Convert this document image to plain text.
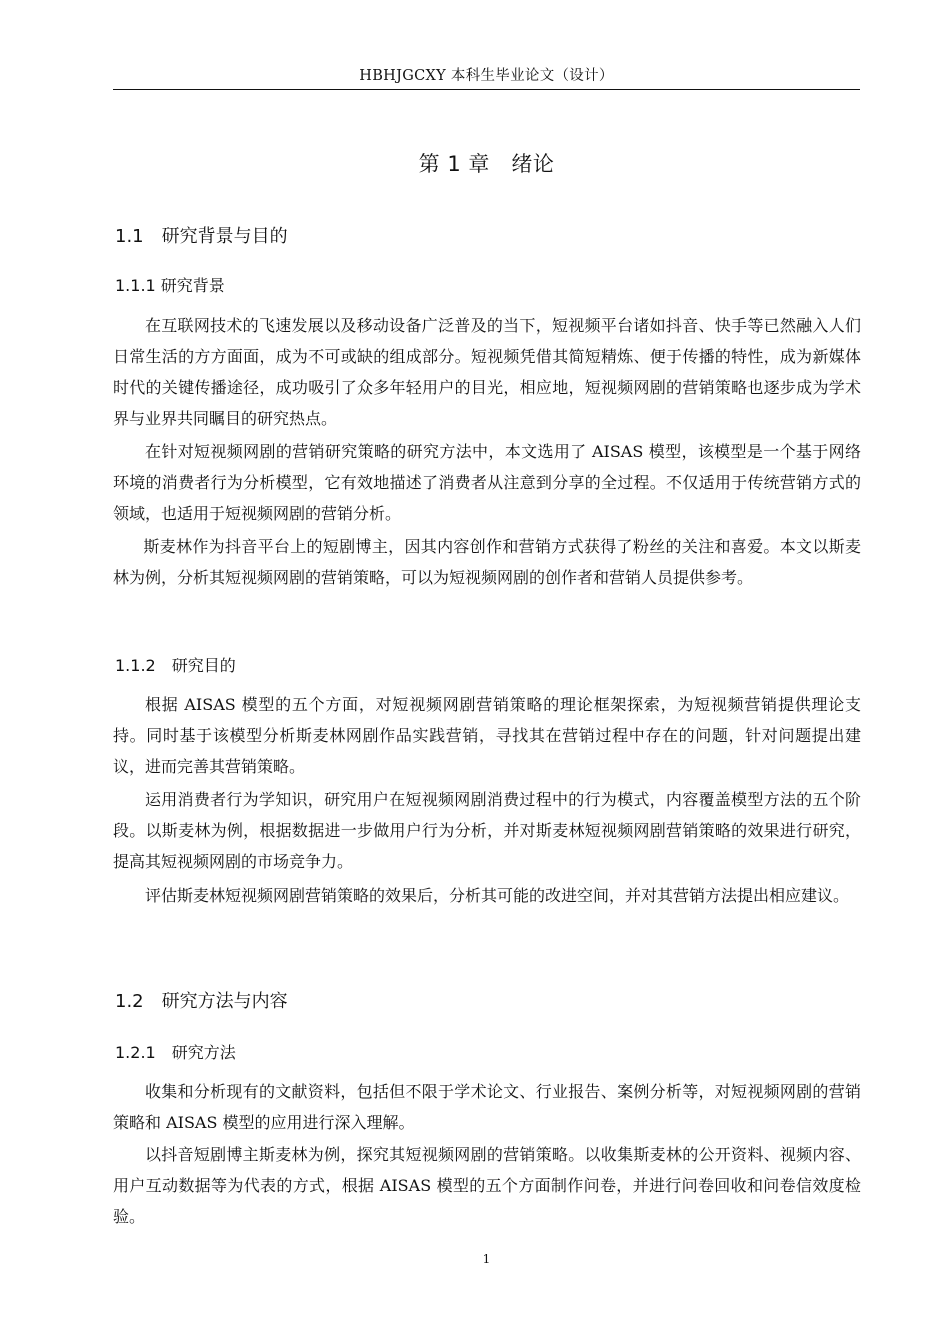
HBHJGCXY 本科生毕业论文（设计）
第 1 章　绪论
1.1　研究背景与目的
1.1.1 研究背景

在互联网技术的飞速发展以及移动设备广泛普及的当下，短视频平台诸如抖音、快手等已然融入人们日常生活的方方面面，成为不可或缺的组成部分。短视频凭借其简短精炼、便于传播的特性，成为新媒体时代的关键传播途径，成功吸引了众多年轻用户的目光，相应地，短视频网剧的营销策略也逐步成为学术界与业界共同瞩目的研究热点。

在针对短视频网剧的营销研究策略的研究方法中，本文选用了 AISAS 模型，该模型是一个基于网络环境的消费者行为分析模型，它有效地描述了消费者从注意到分享的全过程。不仅适用于传统营销方式的领域，也适用于短视频网剧的营销分析。

斯麦林作为抖音平台上的短剧博主，因其内容创作和营销方式获得了粉丝的关注和喜爱。本文以斯麦林为例，分析其短视频网剧的营销策略，可以为短视频网剧的创作者和营销人员提供参考。

1.1.2　研究目的

根据 AISAS 模型的五个方面，对短视频网剧营销策略的理论框架探索，为短视频营销提供理论支持。同时基于该模型分析斯麦林网剧作品实践营销，寻找其在营销过程中存在的问题，针对问题提出建议，进而完善其营销策略。

运用消费者行为学知识，研究用户在短视频网剧消费过程中的行为模式，内容覆盖模型方法的五个阶段。以斯麦林为例，根据数据进一步做用户行为分析，并对斯麦林短视频网剧营销策略的效果进行研究，提高其短视频网剧的市场竞争力。

评估斯麦林短视频网剧营销策略的效果后，分析其可能的改进空间，并对其营销方法提出相应建议。

1.2　研究方法与内容
1.2.1　研究方法

收集和分析现有的文献资料，包括但不限于学术论文、行业报告、案例分析等，对短视频网剧的营销策略和 AISAS 模型的应用进行深入理解。

以抖音短剧博主斯麦林为例，探究其短视频网剧的营销策略。以收集斯麦林的公开资料、视频内容、用户互动数据等为代表的方式，根据 AISAS 模型的五个方面制作问卷，并进行问卷回收和问卷信效度检验。

1
